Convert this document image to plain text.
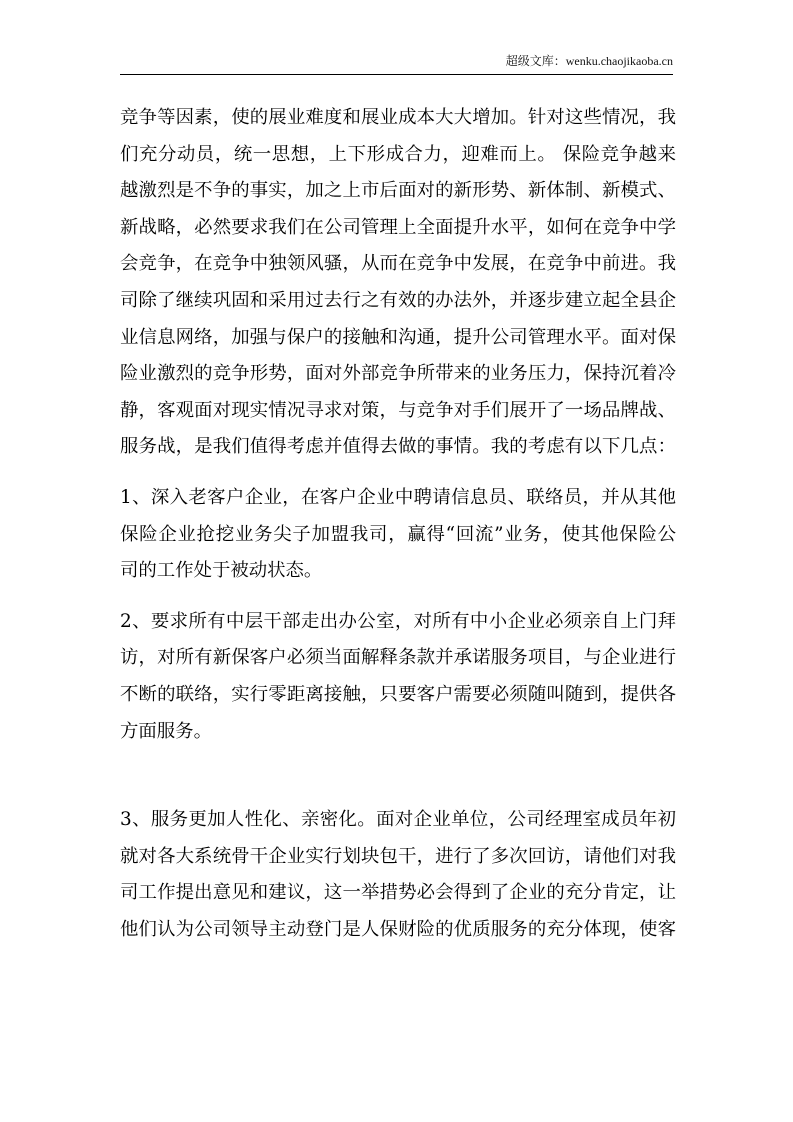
超级文库：wenku.chaojikaoba.cn
竞争等因素，使的展业难度和展业成本大大增加。针对这些情况，我
们充分动员，统一思想，上下形成合力，迎难而上。 保险竞争越来
越激烈是不争的事实，加之上市后面对的新形势、新体制、新模式、
新战略，必然要求我们在公司管理上全面提升水平，如何在竞争中学
会竞争，在竞争中独领风骚，从而在竞争中发展，在竞争中前进。我
司除了继续巩固和采用过去行之有效的办法外，并逐步建立起全县企
业信息网络，加强与保户的接触和沟通，提升公司管理水平。面对保
险业激烈的竞争形势，面对外部竞争所带来的业务压力，保持沉着冷
静，客观面对现实情况寻求对策，与竞争对手们展开了一场品牌战、
服务战，是我们值得考虑并值得去做的事情。我的考虑有以下几点：
1、深入老客户企业，在客户企业中聘请信息员、联络员，并从其他
保险企业抢挖业务尖子加盟我司，赢得“回流”业务，使其他保险公
司的工作处于被动状态。
2、要求所有中层干部走出办公室，对所有中小企业必须亲自上门拜
访，对所有新保客户必须当面解释条款并承诺服务项目，与企业进行
不断的联络，实行零距离接触，只要客户需要必须随叫随到，提供各
方面服务。
3、服务更加人性化、亲密化。面对企业单位，公司经理室成员年初
就对各大系统骨干企业实行划块包干，进行了多次回访，请他们对我
司工作提出意见和建议，这一举措势必会得到了企业的充分肯定，让
他们认为公司领导主动登门是人保财险的优质服务的充分体现，使客
